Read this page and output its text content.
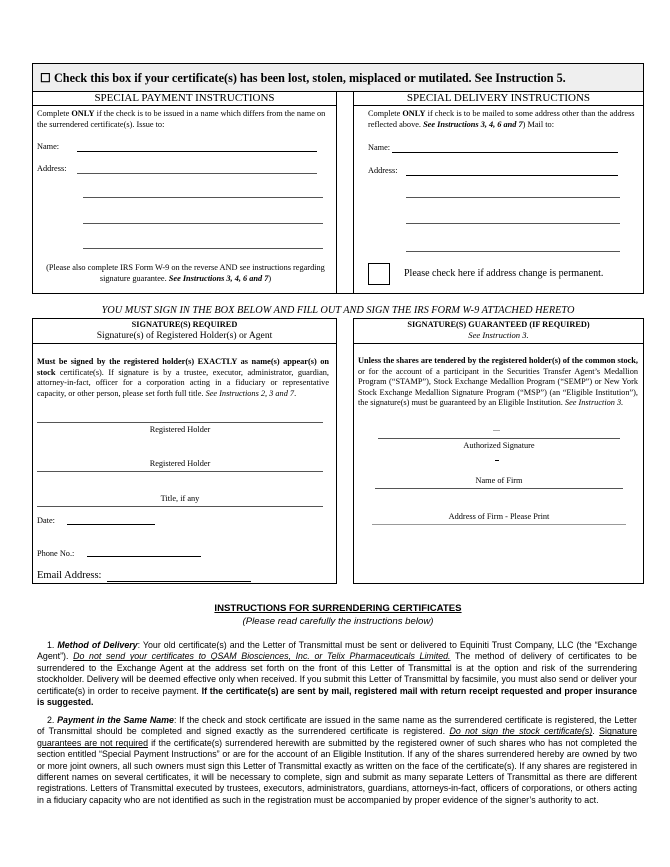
☐ Check this box if your certificate(s) has been lost, stolen, misplaced or mutilated. See Instruction 5.
SPECIAL PAYMENT INSTRUCTIONS
Complete ONLY if the check is to be issued in a name which differs from the name on the surrendered certificate(s). Issue to:
Name:
Address:
(Please also complete IRS Form W-9 on the reverse AND see instructions regarding signature guarantee. See Instructions 3, 4, 6 and 7)
SPECIAL DELIVERY INSTRUCTIONS
Complete ONLY if check is to be mailed to some address other than the address reflected above. See Instructions 3, 4, 6 and 7) Mail to:
Name:
Address:
Please check here if address change is permanent.
YOU MUST SIGN IN THE BOX BELOW AND FILL OUT AND SIGN THE IRS FORM W-9 ATTACHED HERETO
SIGNATURE(S) REQUIRED
Signature(s) of Registered Holder(s) or Agent
Must be signed by the registered holder(s) EXACTLY as name(s) appear(s) on stock certificate(s). If signature is by a trustee, executor, administrator, guardian, attorney-in-fact, officer for a corporation acting in a fiduciary or representative capacity, or other person, please set forth full title. See Instructions 2, 3 and 7.
Registered Holder
Registered Holder
Title, if any
Date:
Phone No.:
Email Address:
SIGNATURE(S) GUARANTEED (IF REQUIRED)
See Instruction 3.
Unless the shares are tendered by the registered holder(s) of the common stock, or for the account of a participant in the Securities Transfer Agent’s Medallion Program (“STAMP”), Stock Exchange Medallion Program (“SEMP”) or New York Stock Exchange Medallion Signature Program (“MSP”) (an “Eligible Institution”), the signature(s) must be guaranteed by an Eligible Institution. See Instruction 3.
Authorized Signature
Name of Firm
Address of Firm - Please Print
INSTRUCTIONS FOR SURRENDERING CERTIFICATES
(Please read carefully the instructions below)
1. Method of Delivery: Your old certificate(s) and the Letter of Transmittal must be sent or delivered to Equiniti Trust Company, LLC (the “Exchange Agent”). Do not send your certificates to QSAM Biosciences, Inc. or Telix Pharmaceuticals Limited. The method of delivery of certificates to be surrendered to the Exchange Agent at the address set forth on the front of this Letter of Transmittal is at the option and risk of the surrendering stockholder. Delivery will be deemed effective only when received. If you submit this Letter of Transmittal by facsimile, you must also send or deliver your certificate(s) in order to receive payment. If the certificate(s) are sent by mail, registered mail with return receipt requested and proper insurance is suggested.
2. Payment in the Same Name: If the check and stock certificate are issued in the same name as the surrendered certificate is registered, the Letter of Transmittal should be completed and signed exactly as the surrendered certificate is registered. Do not sign the stock certificate(s). Signature guarantees are not required if the certificate(s) surrendered herewith are submitted by the registered owner of such shares who has not completed the section entitled “Special Payment Instructions” or are for the account of an Eligible Institution. If any of the shares surrendered hereby are owned by two or more joint owners, all such owners must sign this Letter of Transmittal exactly as written on the face of the certificate(s). If any shares are registered in different names on several certificates, it will be necessary to complete, sign and submit as many separate Letters of Transmittal as there are different registrations. Letters of Transmittal executed by trustees, executors, administrators, guardians, attorneys-in-fact, officers of corporations, or others acting in a fiduciary capacity who are not identified as such in the registration must be accompanied by proper evidence of the signer’s authority to act.
